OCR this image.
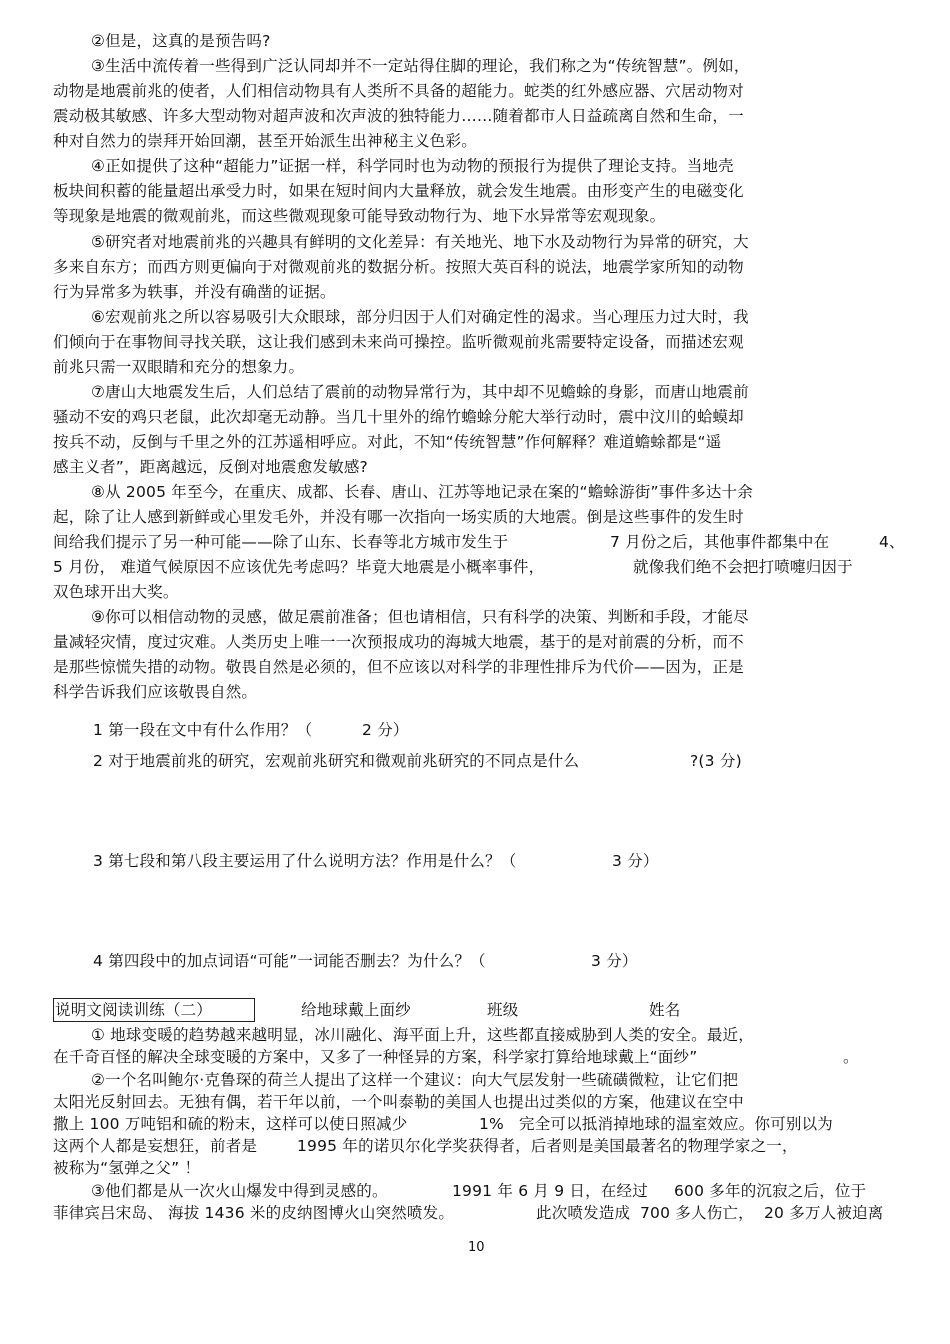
②但是，这真的是预告吗?
③生活中流传着一些得到广泛认同却并不一定站得住脚的理论，我们称之为“传统智慧”。例如，
动物是地震前兆的使者，人们相信动物具有人类所不具备的超能力。蛇类的红外感应器、穴居动物对
震动极其敏感、许多大型动物对超声波和次声波的独特能力……随着都市人日益疏离自然和生命，一
种对自然力的崇拜开始回潮，甚至开始派生出神秘主义色彩。
④正如提供了这种“超能力”证据一样，科学同时也为动物的预报行为提供了理论支持。当地壳
板块间积蓄的能量超出承受力时，如果在短时间内大量释放，就会发生地震。由形变产生的电磁变化
等现象是地震的微观前兆，而这些微观现象可能导致动物行为、地下水异常等宏观现象。
⑤研究者对地震前兆的兴趣具有鲜明的文化差异：有关地光、地下水及动物行为异常的研究，大
多来自东方；而西方则更偏向于对微观前兆的数据分析。按照大英百科的说法，地震学家所知的动物
行为异常多为轶事，并没有确凿的证据。
⑥宏观前兆之所以容易吸引大众眼球，部分归因于人们对确定性的渴求。当心理压力过大时，我
们倾向于在事物间寻找关联，这让我们感到未来尚可操控。监听微观前兆需要特定设备，而描述宏观
前兆只需一双眼睛和充分的想象力。
⑦唐山大地震发生后，人们总结了震前的动物异常行为，其中却不见蟾蜍的身影，而唐山地震前
骚动不安的鸡只老鼠，此次却毫无动静。当几十里外的绵竹蟾蜍分舵大举行动时，震中汶川的蛤蟆却
按兵不动，反倒与千里之外的江苏遥相呼应。对此，不知“传统智慧”作何解释？难道蟾蜍都是“遥
感主义者”，距离越远，反倒对地震愈发敏感?
⑧从 2005 年至今，在重庆、成都、长春、唐山、江苏等地记录在案的“蟾蜍游街”事件多达十余
起，除了让人感到新鲜或心里发毛外，并没有哪一次指向一场实质的大地震。倒是这些事件的发生时
间给我们提示了另一种可能——除了山东、长春等北方城市发生于	7 月份之后，其他事件都集中在	4、
5 月份， 难道气候原因不应该优先考虑吗？毕竟大地震是小概率事件，	就像我们绝不会把打喷嚏归因于
双色球开出大奖。
⑨你可以相信动物的灵感，做足震前准备；但也请相信，只有科学的决策、判断和手段，才能尽
量减轻灾情，度过灾难。人类历史上唯一一次预报成功的海城大地震，基于的是对前震的分析，而不
是那些惊慌失措的动物。敬畏自然是必须的，但不应该以对科学的非理性排斥为代价——因为，正是
科学告诉我们应该敬畏自然。
1 第一段在文中有什么作用？（	2 分）
2 对于地震前兆的研究，宏观前兆研究和微观前兆研究的不同点是什么	?(3 分)
3 第七段和第八段主要运用了什么说明方法？作用是什么？（	3 分）
4 第四段中的加点词语“可能”一词能否删去？为什么？（	3 分）
说明文阅读训练（二）	给地球戴上面纱	班级	姓名
① 地球变暖的趋势越来越明显，冰川融化、海平面上升，这些都直接威胁到人类的安全。最近，
在千奇百怪的解决全球变暖的方案中，又多了一种怪异的方案，科学家打算给地球戴上“面纱”	。
②一个名叫鲍尔·克鲁琛的荷兰人提出了这样一个建议：向大气层发射一些硫磺微粒，让它们把
太阳光反射回去。无独有偶，若干年以前，一个叫泰勒的美国人也提出过类似的方案，他建议在空中
撒上 100 万吨铝和硫的粉末，这样可以使日照减少	1% 完全可以抵消掉地球的温室效应。你可别以为
这两个人都是妄想狂，前者是	1995 年的诺贝尔化学奖获得者，后者则是美国最著名的物理学家之一，
被称为“氢弹之父” ！
③他们都是从一次火山爆发中得到灵感的。	1991 年 6 月 9 日，在经过 600 多年的沉寂之后，位于
菲律宾吕宋岛、 海拔 1436 米的皮纳图博火山突然喷发。	此次喷发造成 700 多人伤亡， 20 多万人被迫离
10
